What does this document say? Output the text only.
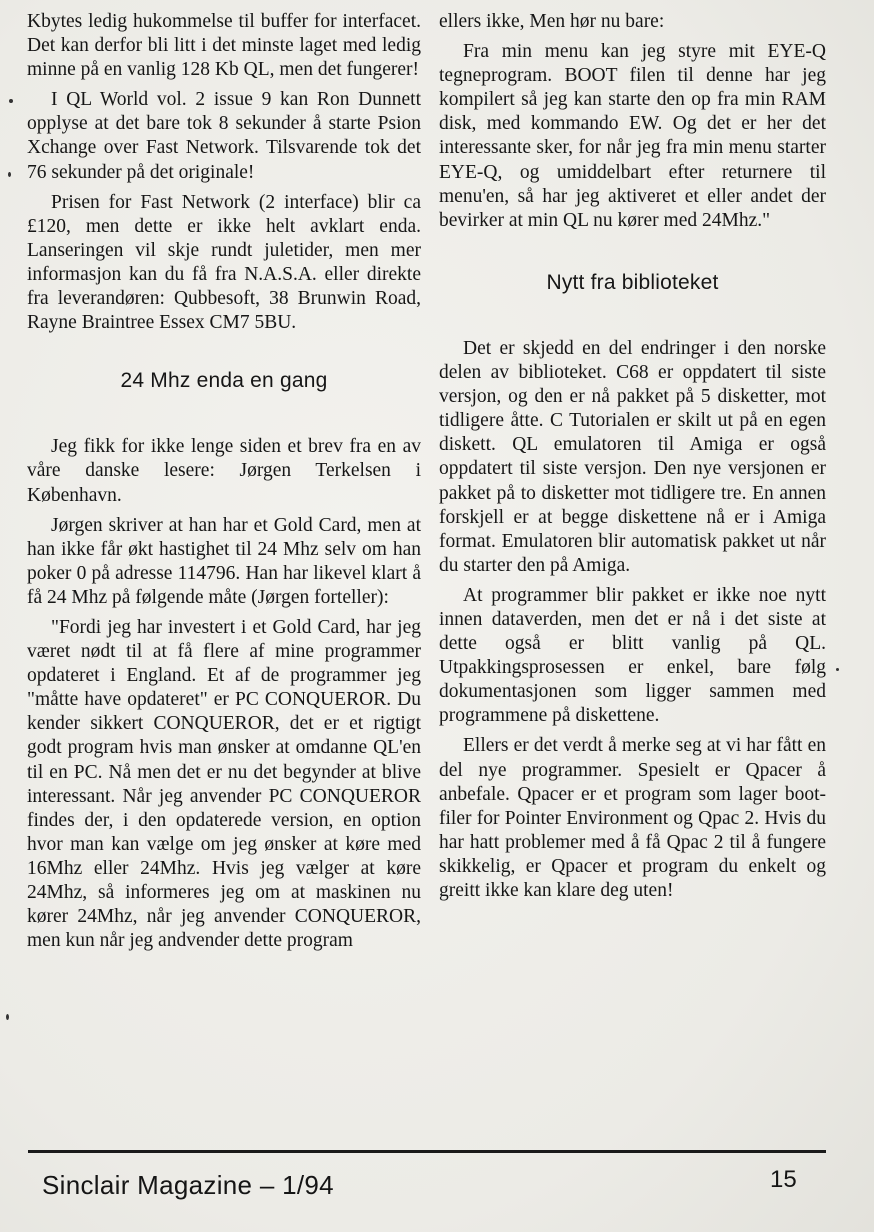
Kbytes ledig hukommelse til buffer for interfacet. Det kan derfor bli litt i det minste laget med ledig minne på en vanlig 128 Kb QL, men det fungerer!

I QL World vol. 2 issue 9 kan Ron Dunnett opplyse at det bare tok 8 sekunder å starte Psion Xchange over Fast Network. Tilsvarende tok det 76 sekunder på det originale!

Prisen for Fast Network (2 interface) blir ca £120, men dette er ikke helt avklart enda. Lanseringen vil skje rundt juletider, men mer informasjon kan du få fra N.A.S.A. eller direkte fra leverandøren: Qubbesoft, 38 Brunwin Road, Rayne Braintree Essex CM7 5BU.

24 Mhz enda en gang

Jeg fikk for ikke lenge siden et brev fra en av våre danske lesere: Jørgen Terkelsen i København.

Jørgen skriver at han har et Gold Card, men at han ikke får økt hastighet til 24 Mhz selv om han poker 0 på adresse 114796. Han har likevel klart å få 24 Mhz på følgende måte (Jørgen forteller):

"Fordi jeg har investert i et Gold Card, har jeg været nødt til at få flere af mine programmer opdateret i England. Et af de programmer jeg "måtte have opdateret" er PC CONQUEROR. Du kender sikkert CONQUEROR, det er et rigtigt godt program hvis man ønsker at omdanne QL'en til en PC. Nå men det er nu det begynder at blive interessant. Når jeg anvender PC CONQUEROR findes der, i den opdaterede version, en option hvor man kan vælge om jeg ønsker at køre med 16Mhz eller 24Mhz. Hvis jeg vælger at køre 24Mhz, så informeres jeg om at maskinen nu kører 24Mhz, når jeg anvender CONQUEROR, men kun når jeg andvender dette program

ellers ikke, Men hør nu bare:

Fra min menu kan jeg styre mit EYE-Q tegneprogram. BOOT filen til denne har jeg kompilert så jeg kan starte den op fra min RAM disk, med kommando EW. Og det er her det interessante sker, for når jeg fra min menu starter EYE-Q, og umiddelbart efter returnere til menu'en, så har jeg aktiveret et eller andet der bevirker at min QL nu kører med 24Mhz."

Nytt fra biblioteket

Det er skjedd en del endringer i den norske delen av biblioteket. C68 er oppdatert til siste versjon, og den er nå pakket på 5 disketter, mot tidligere åtte. C Tutorialen er skilt ut på en egen diskett. QL emulatoren til Amiga er også oppdatert til siste versjon. Den nye versjonen er pakket på to disketter mot tidligere tre. En annen forskjell er at begge diskettene nå er i Amiga format. Emulatoren blir automatisk pakket ut når du starter den på Amiga.

At programmer blir pakket er ikke noe nytt innen dataverden, men det er nå i det siste at dette også er blitt vanlig på QL. Utpakkingsprosessen er enkel, bare følg dokumentasjonen som ligger sammen med programmene på diskettene.

Ellers er det verdt å merke seg at vi har fått en del nye programmer. Spesielt er Qpacer å anbefale. Qpacer er et program som lager boot-filer for Pointer Environment og Qpac 2. Hvis du har hatt problemer med å få Qpac 2 til å fungere skikkelig, er Qpacer et program du enkelt og greitt ikke kan klare deg uten!

Sinclair Magazine – 1/94	15
